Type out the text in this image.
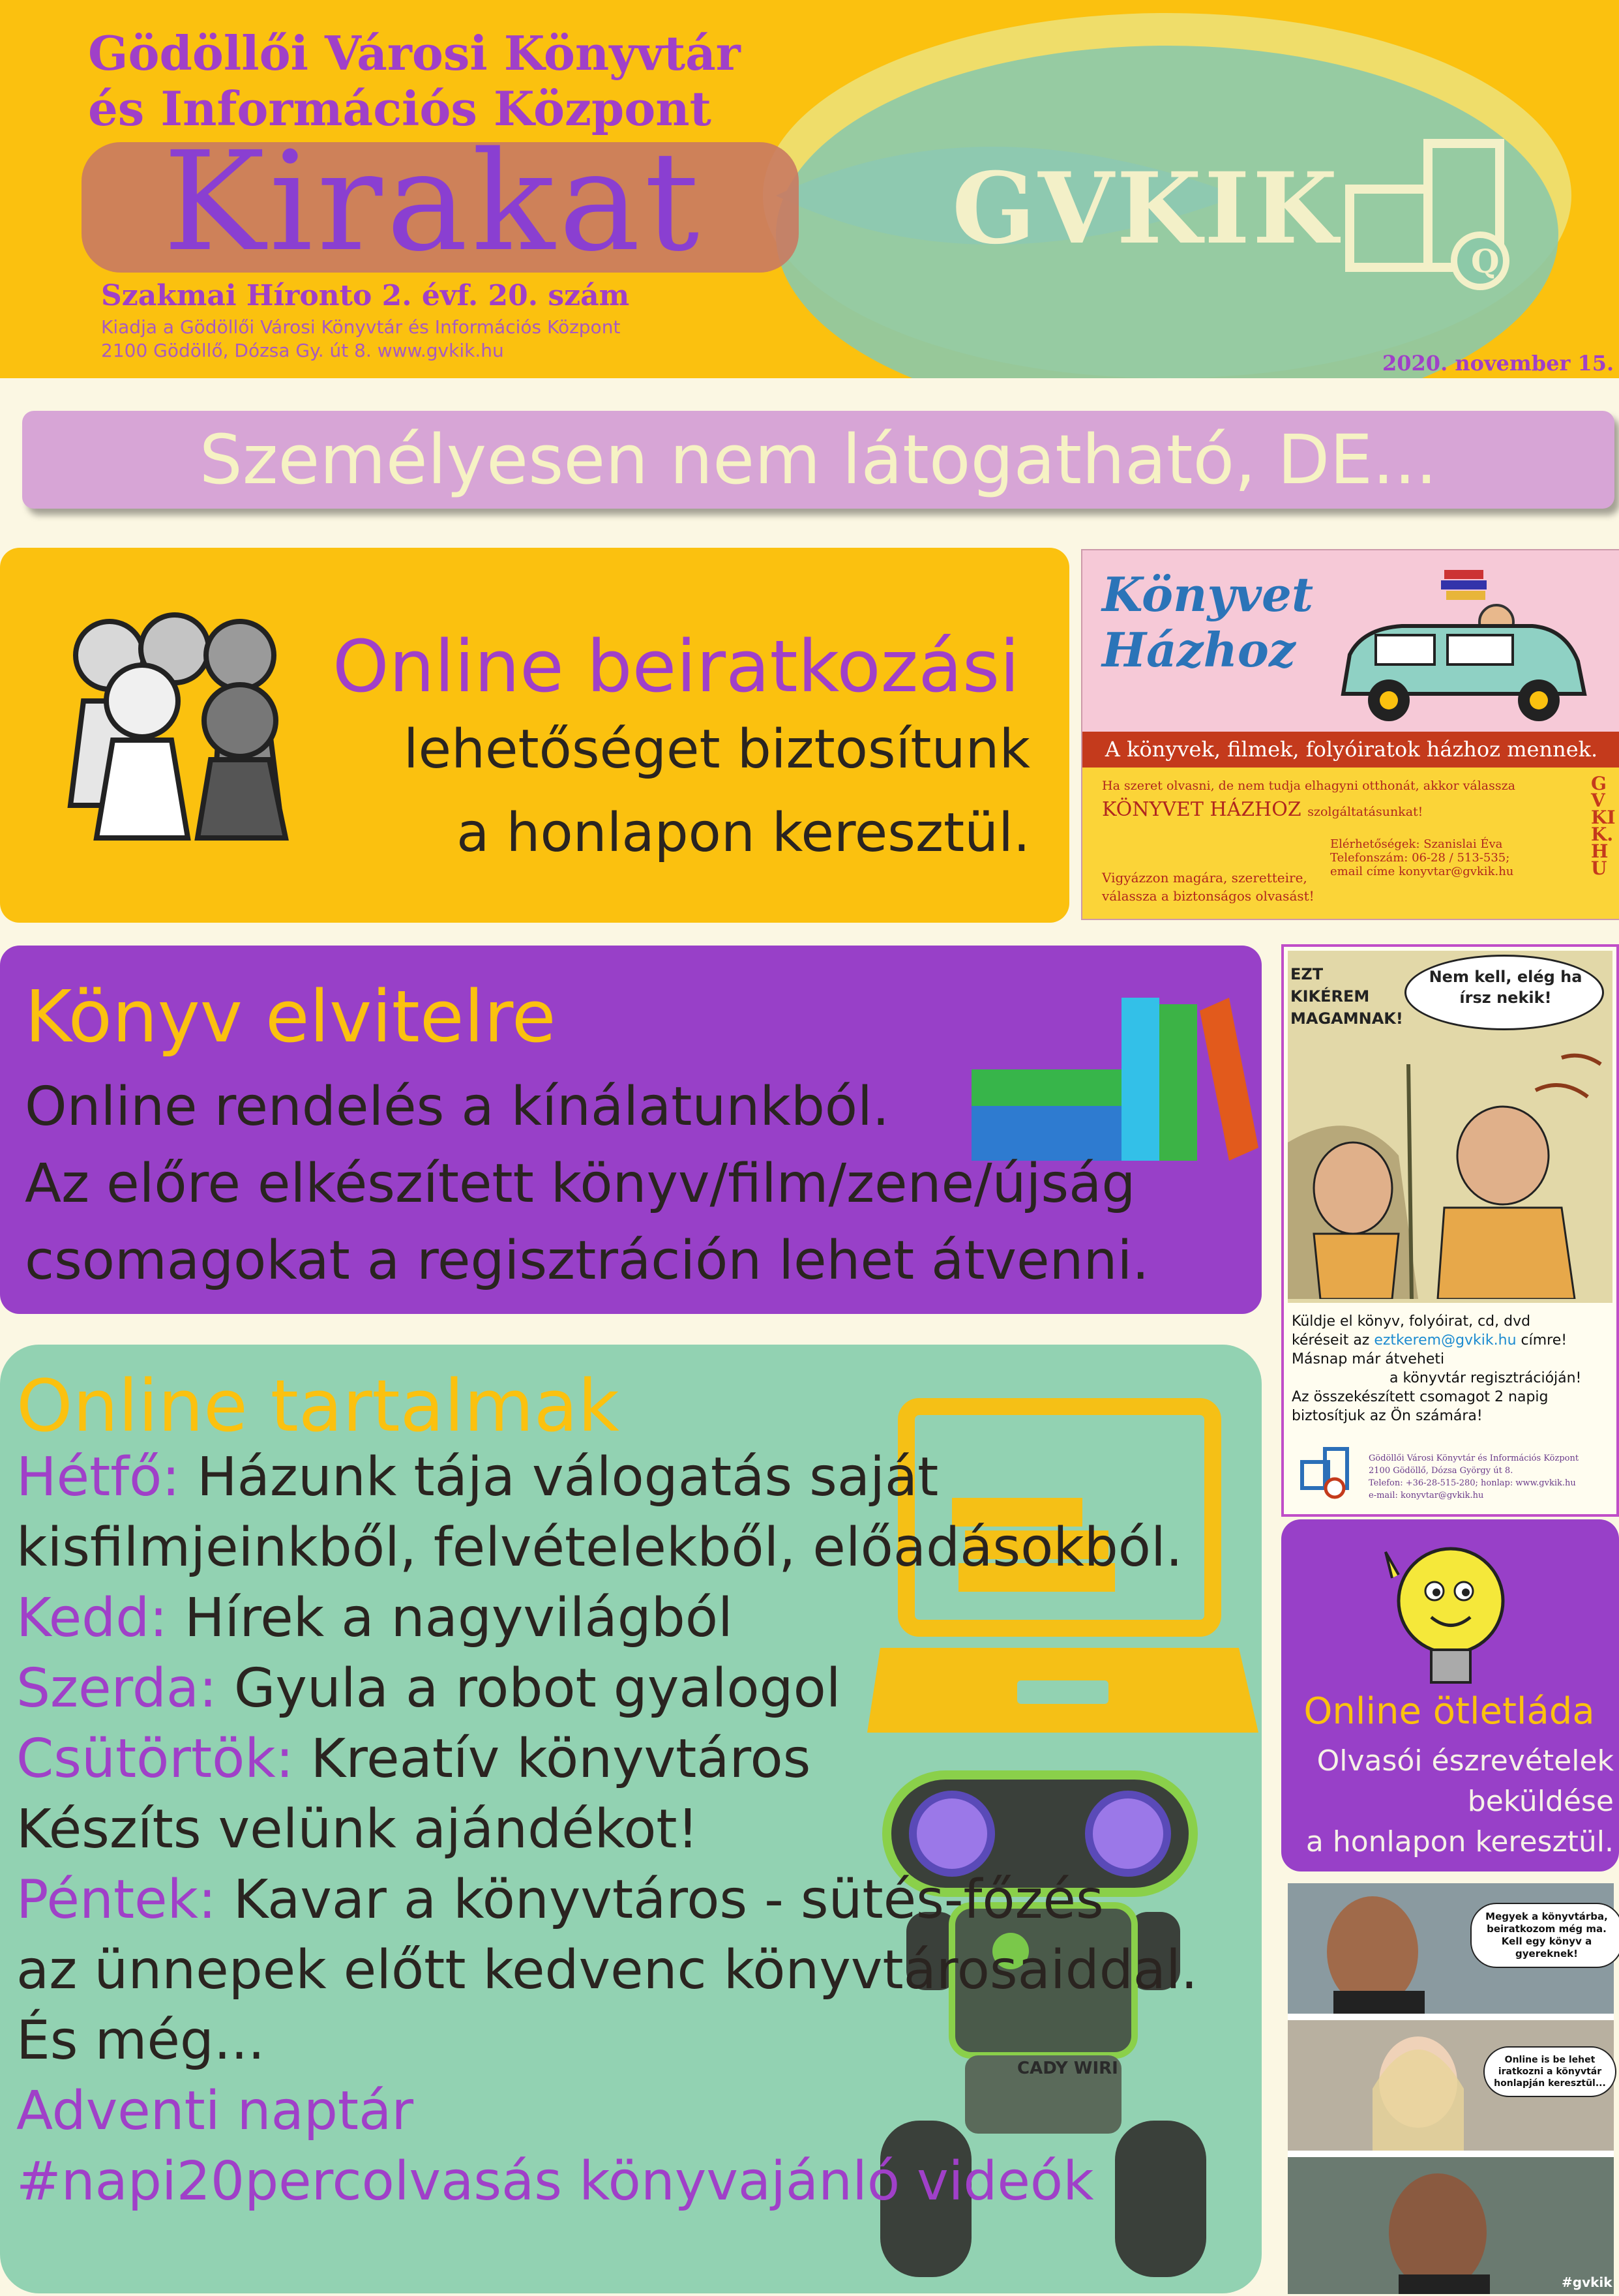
Gödöllői Városi Könyvtár
és Információs Központ
Kirakat
Szakmai Híronto 2. évf. 20. szám
Kiadja a Gödöllői Városi Könyvtár és Információs Központ
2100 Gödöllő, Dózsa Gy. út 8. www.gvkik.hu
GVKIK	Q
2020. november 15.
Személyesen nem látogatható, DE...
Online beiratkozási
lehetőséget biztosítunk
a honlapon keresztül.
Könyvet
Házhoz
A könyvek, filmek, folyóiratok házhoz mennek.
Ha szeret olvasni, de nem tudja elhagyni otthonát, akkor válassza
KÖNYVET HÁZHOZ szolgáltatásunkat!
Elérhetőségek: Szanislai Éva
Telefonszám: 06-28 / 513-535;
email címe konyvtar@gvkik.hu
Vigyázzon magára, szeretteire,
válassza a biztonságos olvasást!
GVKIK.HU
Könyv elvitelre
Online rendelés a kínálatunkból.
Az előre elkészített könyv/film/zene/újság
csomagokat a regisztráción lehet átvenni.
EZT KIKÉREM MAGAMNAK!
Nem kell, elég ha írsz nekik!
Küldje el könyv, folyóirat, cd, dvd
kéréseit az eztkerem@gvkik.hu címre!
Másnap már átveheti
a könyvtár regisztrációján!
Az összekészített csomagot 2 napig
biztosítjuk az Ön számára!
Gödöllői Városi Könyvtár és Információs Központ
2100 Gödöllő, Dózsa György út 8.
Telefon: +36-28-515-280; honlap: www.gvkik.hu
e-mail: konyvtar@gvkik.hu
CADY WIRI
Online tartalmak
Hétfő: Házunk tája válogatás saját
kisfilmjeinkből, felvételekből, előadásokból.
Kedd: Hírek a nagyvilágból
Szerda: Gyula a robot gyalogol
Csütörtök: Kreatív könyvtáros
Készíts velünk ajándékot!
Péntek: Kavar a könyvtáros - sütés-főzés
az ünnepek előtt kedvenc könyvtárosaiddal.
És még...
Adventi naptár
#napi20percolvasás könyvajánló videók
Online ötletláda
Olvasói észrevételek
beküldése
a honlapon keresztül.
Megyek a könyvtárba, beiratkozom még ma. Kell egy könyv a gyereknek!
Online is be lehet iratkozni a könyvtár honlapján keresztül...
#gvkik
